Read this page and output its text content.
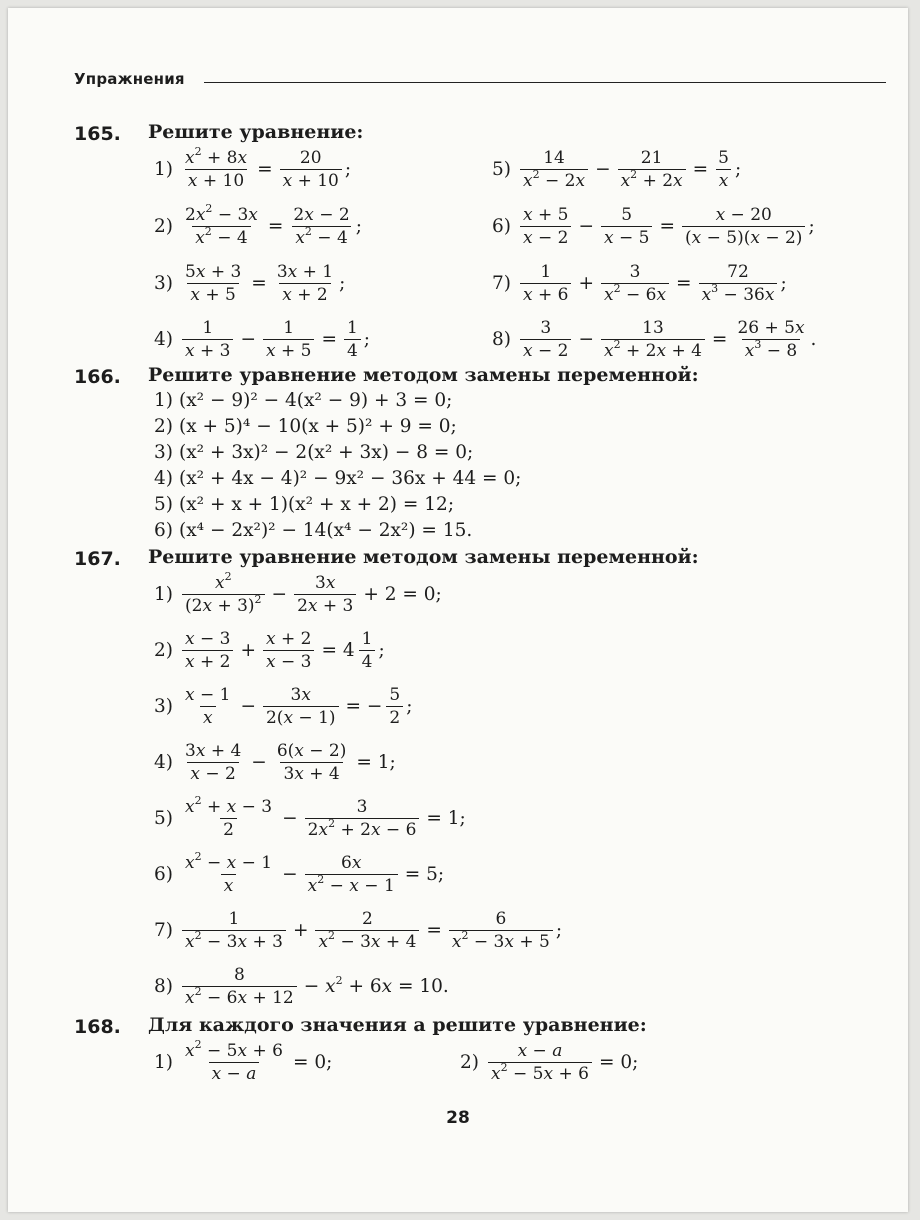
Упражнения
165. Решите уравнение:
$1) \frac{x^2 + 8x}{x + 10} = \frac{20}{x + 10}$ ;	$5) \frac{14}{x^2 - 2x} - \frac{21}{x^2 + 2x} = \frac{5}{x}$ ;
$2) \frac{2x^2 - 3x}{x^2 - 4} = \frac{2x - 2}{x^2 - 4}$ ;	$6) \frac{x + 5}{x - 2} - \frac{5}{x - 5} = \frac{x - 20}{(x - 5)(x - 2)}$ ;
$3) \frac{5x + 3}{x + 5} = \frac{3x + 1}{x + 2}$ ;	$7) \frac{1}{x + 6} + \frac{3}{x^2 - 6x} = \frac{72}{x^3 - 36x}$ ;
$4) \frac{1}{x + 3} - \frac{1}{x + 5} = \frac{1}{4}$ ;	$8) \frac{3}{x - 2} - \frac{13}{x^2 + 2x + 4} = \frac{26 + 5x}{x^3 - 8}$ .
166. Решите уравнение методом замены переменной:
1) (x² − 9)² − 4(x² − 9) + 3 = 0;
2) (x + 5)⁴ − 10(x + 5)² + 9 = 0;
3) (x² + 3x)² − 2(x² + 3x) − 8 = 0;
4) (x² + 4x − 4)² − 9x² − 36x + 44 = 0;
5) (x² + x + 1)(x² + x + 2) = 12;
6) (x⁴ − 2x²)² − 14(x⁴ − 2x²) = 15.
167. Решите уравнение методом замены переменной:
$1) \frac{x^2}{(2x + 3)^2} - \frac{3x}{2x + 3} + 2 = 0$;
$2) \frac{x - 3}{x + 2} + \frac{x + 2}{x - 3} = 4 \frac{1}{4}$ ;
$3) \frac{x - 1}{x} - \frac{3x}{2(x - 1)}$ = − $\frac{5}{2}$ ;
$4) \frac{3x + 4}{x - 2} - \frac{6(x - 2)}{3x + 4} = 1$;
$5) \frac{x^2 + x - 3}{2} - \frac{3}{2x^2 + 2x - 6} = 1$;
$6) \frac{x^2 - x - 1}{x} - \frac{6x}{x^2 - x - 1} = 5$;
$7) \frac{1}{x^2 - 3x + 3} + \frac{2}{x^2 - 3x + 4} = \frac{6}{x^2 - 3x + 5}$ ;
$8) \frac{8}{x^2 - 6x + 12} - x^2 + 6x = 10$.
168. Для каждого значения a решите уравнение:
$1) \frac{x^2 - 5x + 6}{x - a} = 0$;	$2) \frac{x - a}{x^2 - 5x + 6} = 0$;
28
